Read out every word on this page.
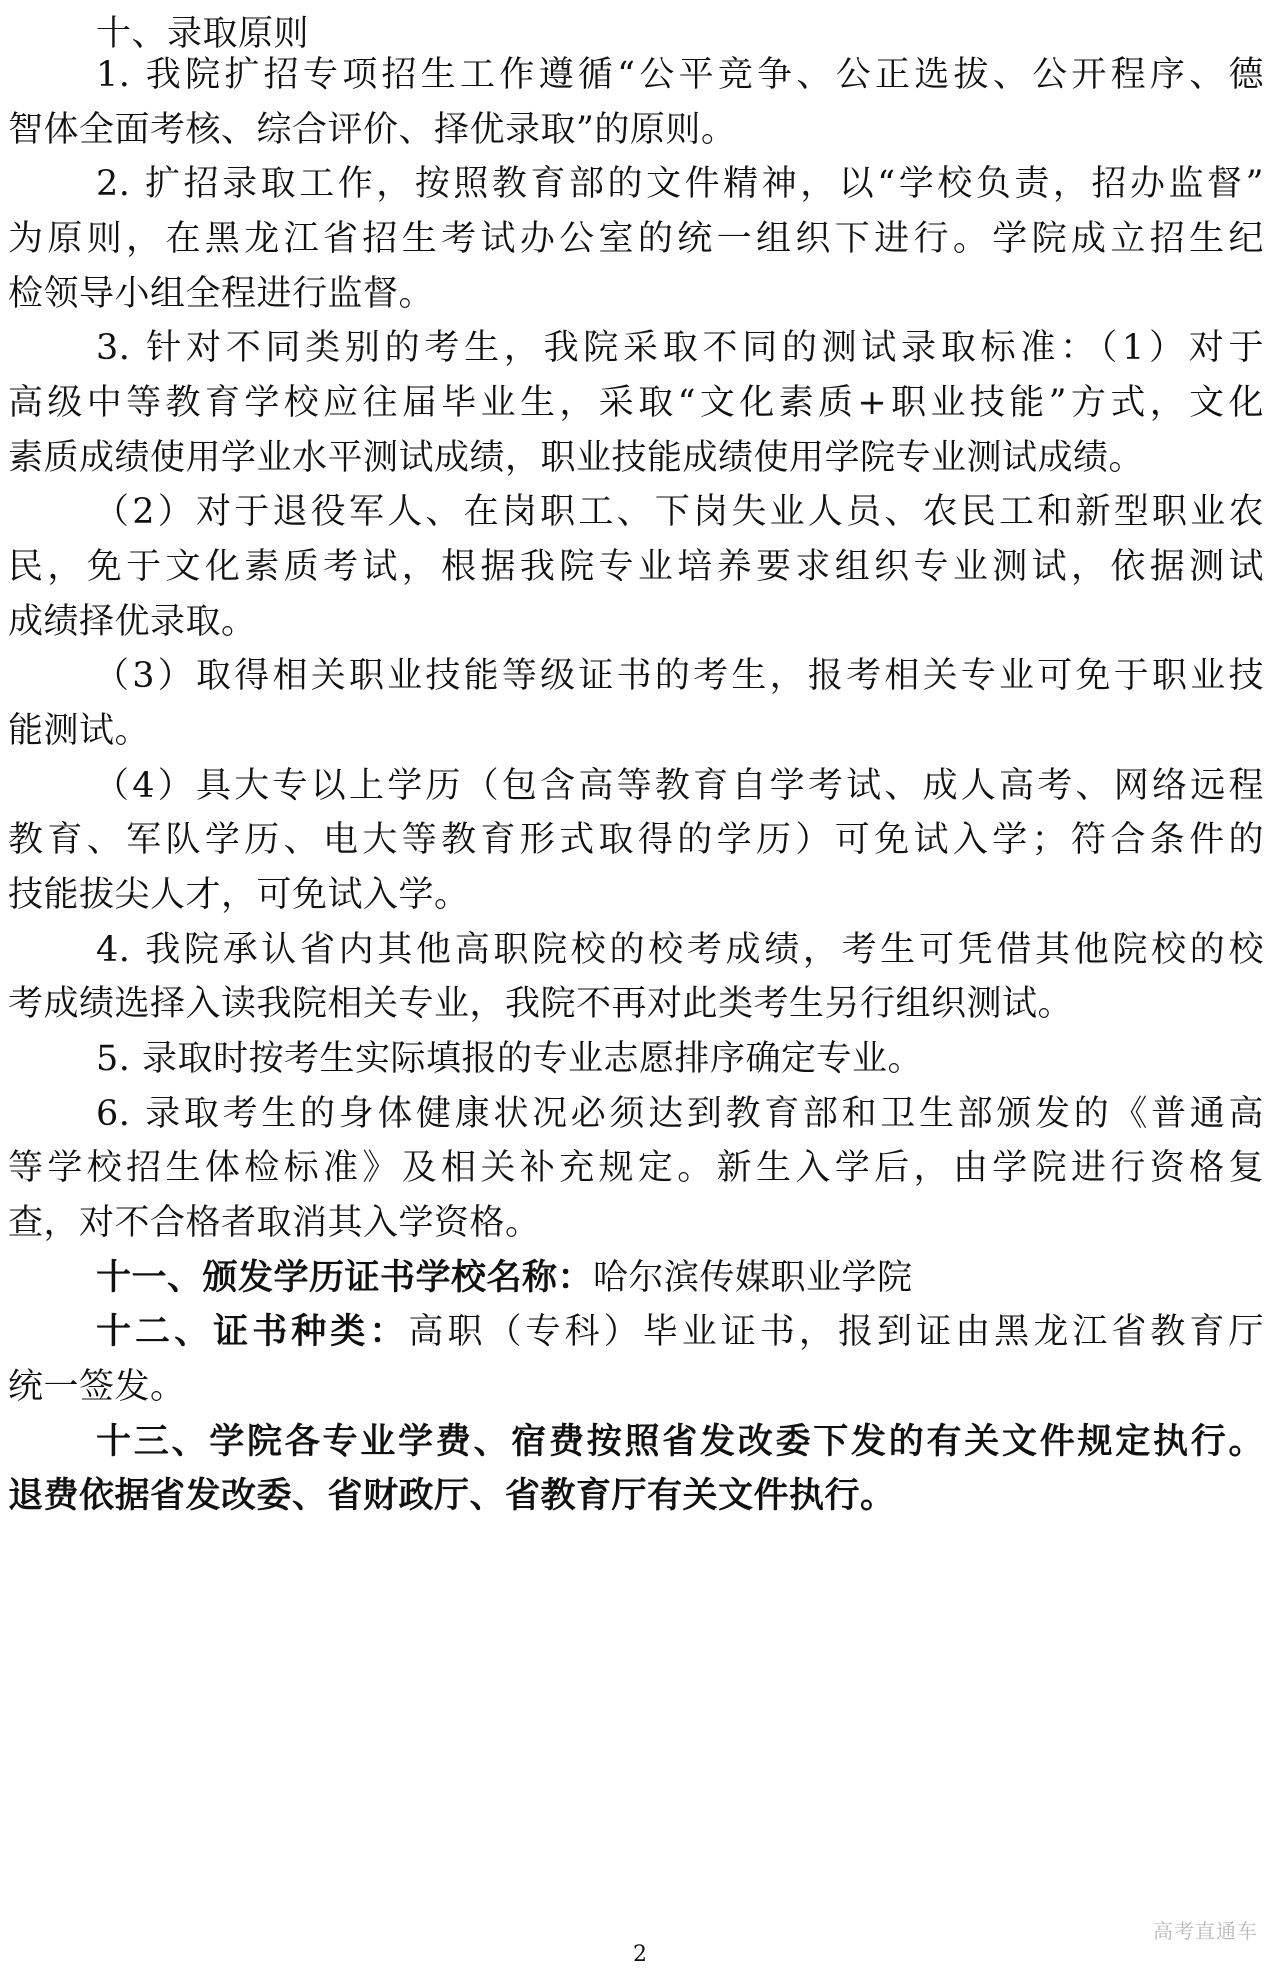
十、录取原则
1. 我院扩招专项招生工作遵循“公平竞争、公正选拔、公开程序、德
智体全面考核、综合评价、择优录取”的原则。
2. 扩招录取工作，按照教育部的文件精神，以“学校负责，招办监督”
为原则，在黑龙江省招生考试办公室的统一组织下进行。学院成立招生纪
检领导小组全程进行监督。
3. 针对不同类别的考生，我院采取不同的测试录取标准：（1）对于
高级中等教育学校应往届毕业生，采取“文化素质+职业技能”方式，文化
素质成绩使用学业水平测试成绩，职业技能成绩使用学院专业测试成绩。
（2）对于退役军人、在岗职工、下岗失业人员、农民工和新型职业农
民，免于文化素质考试，根据我院专业培养要求组织专业测试，依据测试
成绩择优录取。
（3）取得相关职业技能等级证书的考生，报考相关专业可免于职业技
能测试。
（4）具大专以上学历（包含高等教育自学考试、成人高考、网络远程
教育、军队学历、电大等教育形式取得的学历）可免试入学；符合条件的
技能拔尖人才，可免试入学。
4. 我院承认省内其他高职院校的校考成绩，考生可凭借其他院校的校
考成绩选择入读我院相关专业，我院不再对此类考生另行组织测试。
5. 录取时按考生实际填报的专业志愿排序确定专业。
6. 录取考生的身体健康状况必须达到教育部和卫生部颁发的《普通高
等学校招生体检标准》及相关补充规定。新生入学后，由学院进行资格复
查，对不合格者取消其入学资格。
十一、颁发学历证书学校名称：哈尔滨传媒职业学院
十二、证书种类：高职（专科）毕业证书，报到证由黑龙江省教育厅
统一签发。
十三、学院各专业学费、宿费按照省发改委下发的有关文件规定执行。
退费依据省发改委、省财政厅、省教育厅有关文件执行。
高考直通车
2
